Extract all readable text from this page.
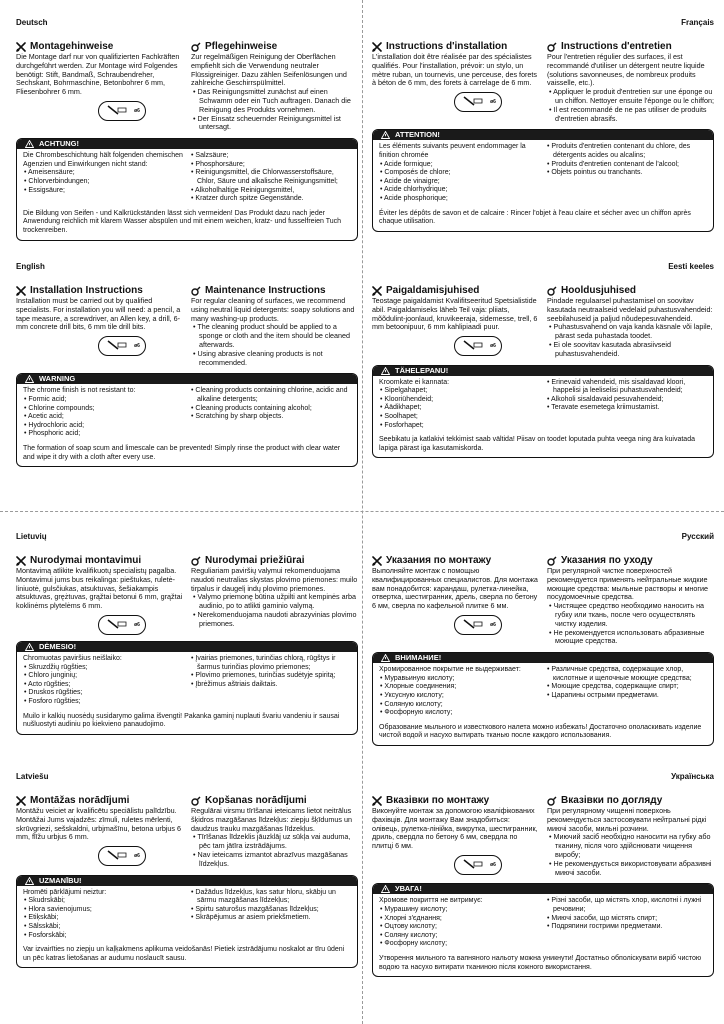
Deutsch
Montagehinweise
Die Montage darf nur von qualifizierten Fachkräften durchgeführt werden. Zur Montage wird Folgendes benötigt: Stift, Bandmaß, Schraubendreher, Sechskant, Bohrmaschine, Betonbohrer 6 mm, Fliesenbohrer 6 mm.
ø6
Pflegehinweise
Zur regelmäßigen Reinigung der Oberflächen empfiehlt sich die Verwendung neutraler Flüssigreiniger. Dazu zählen Seifenlösungen und zahlreiche Geschirrspülmittel.
• Das Reinigungsmittel zunächst auf einen Schwamm oder ein Tuch auftragen. Danach die Reinigung des Produkts vornehmen.
• Der Einsatz scheuernder Reinigungsmittel ist untersagt.
ACHTUNG!
Die Chrombeschichtung hält folgenden chemischen Agenzien und Einwirkungen nicht stand:
• Ameisensäure;
• Chlorverbindungen;
• Essigsäure;
• Salzsäure;
• Phosphorsäure;
• Reinigungsmittel, die Chlorwasserstoffsäure, Chlor, Säure und alkalische Reinigungsmittel;
• Alkoholhaltige Reinigungsmittel,
• Kratzer durch spitze Gegenstände.
Die Bildung von Seifen - und Kalkrückständen lässt sich vermeiden! Das Produkt dazu nach jeder Anwendung reichlich mit klarem Wasser abspülen und mit einem weichen, kratz- und fusselfreien Tuch trockenreiben.
Français
Instructions d'installation
L'installation doit être réalisée par des spécialistes qualifiés. Pour l'installation, prévoir: un stylo, un mètre ruban, un tournevis, une perceuse, des forets à béton de 6 mm, des forets à carrelage de 6 mm.
ø6
Instructions d'entretien
Pour l'entretien régulier des surfaces, il est recommandé d'utiliser un détergent neutre liquide (solutions savonneuses, de nombreux produits vaisselle, etc.).
• Appliquer le produit d'entretien sur une éponge ou un chiffon. Nettoyer ensuite l'éponge ou le chiffon;
• Il est recommandé de ne pas utiliser de produits d'entretien abrasifs.
ATTENTION!
Les éléments suivants peuvent endommager la finition chromée
• Acide formique;
• Composés de chlore;
• Acide de vinaigre;
• Acide chlorhydrique;
• Acide phosphorique;
• Produits d'entretien contenant du chlore, des détergents acides ou alcalins;
• Produits d'entretien contenant de l'alcool;
• Objets pointus ou tranchants.
Éviter les dépôts de savon et de calcaire : Rincer l'objet à l'eau claire et sécher avec un chiffon après chaque utilisation.
English
Installation Instructions
Installation must be carried out by qualified specialists. For installation you will need: a pencil, a tape measure, a screwdriver, an Allen key, a drill, 6-mm concrete drill bits, 6 mm tile drill bits.
ø6
Maintenance Instructions
For regular cleaning of surfaces, we recommend using neutral liquid detergents: soapy solutions and many washing-up products.
• The cleaning product should be applied to a sponge or cloth and the item should be cleaned afterwards.
• Using abrasive cleaning products is not recommended.
WARNING
The chrome finish is not resistant to:
• Formic acid;
• Chlorine compounds;
• Acetic acid;
• Hydrochloric acid;
• Phosphoric acid;
• Cleaning products containing chlorine, acidic and alkaline detergents;
• Cleaning products containing alcohol;
• Scratching by sharp objects.
The formation of soap scum and limescale can be prevented! Simply rinse the product with clear water and wipe it dry with a cloth after every use.
Eesti keeles
Paigaldamisjuhised
Teostage paigaldamist Kvalifitseeritud Spetsialistide abil. Paigaldamiseks läheb Teil vaja: pliiats, mõõdulint-joonlaud, kruvikeeraja, sidemesse, trell, 6 mm betoonipuur, 6 mm kahlipiaadi puur.
ø6
Hooldusjuhised
Pindade regulaarsel puhastamisel on soovitav kasutada neutraalseid vedelaid puhastusvahendeid: seebilahuseid ja paljud nõudepesuvahendeid.
• Puhastusvahend on vaja kanda käsnale või lapile, pärast seda puhastada toodet.
• Ei ole soovitav kasutada abrasiivseid puhastusvahendeid.
TÄHELEPANU!
Kroomkate ei kannata:
• Sipelgahapet;
• Klooriühendeid;
• Äädikhapet;
• Soolhapet;
• Fosforhapet;
• Erinevaid vahendeid, mis sisaldavad kloori, happelisi ja leeliselisi puhastusvahendeid;
• Alkoholi sisaldavaid pesuvahendeid;
• Teravate esemetega kriimustamist.
Seebikatu ja katlakivi tekkimist saab vältida! Piisav on toodet loputada puhta veega ning ära kuivatada lapiga pärast iga kasutamiskorda.
Lietuvių
Nurodymai montavimui
Montavimą atlikite kvalifikuotų specialistų pagalba. Montavimui jums bus reikalinga: pieštukas, ruletė-liniuotė, gulsčiukas, atsuktuvas, šešiakampis atsuktuvas, grężtuvas, grąžtai betonui 6 mm, grąžtai koklinėms plytelėms 6 mm.
ø6
Nurodymai priežiūrai
Reguliariam paviršių valymui rekomenduojama naudoti neutralias skystas plovimo priemones: muilo tirpalus ir daugelį indų plovimo priemones.
• Valymo priemonę būtina užpilti ant kempinės arba audinio, po to atlikti gaminio valymą.
• Nerekomenduojama naudoti abrazyvinias plovimo priemones.
DĖMESIO!
Chromuotas paviršius neišlaiko:
• Skruzdžių rūgšties;
• Chloro junginių;
• Acto rūgšties;
• Druskos rūgšties;
• Fosforo rūgšties;
• Įvairias priemones, turinčias chlorą, rūgštys ir šarmus turinčias plovimo priemones;
• Plovimo priemones, turinčias sudėtyje spiritą;
• Įbrėžimus aštriais daiktais.
Muilo ir kalkių nuosėdų susidarymo galima išvengti! Pakanka gaminį nuplauti švariu vandeniu ir sausai nušluostyti audiniu po kiekvieno panaudojimo.
Русский
Указания по монтажу
Выполняйте монтаж с помощью квалифицированных специалистов. Для монтажа вам понадобится: карандаш, рулетка-линейка, отвертка, шестигранник, дрель, сверла по бетону 6 мм, сверла по кафельной плитке 6 мм.
ø6
Указания по уходу
При регулярной чистке поверхностей рекомендуется применять нейтральные жидкие моющие средства: мыльные растворы и многие посудомоечные средства.
• Чистящее средство необходимо наносить на губку или ткань, после чего осуществлять чистку изделия.
• Не рекомендуется использовать абразивные моющие средства.
ВНИМАНИЕ!
Хромированное покрытие не выдерживает:
• Муравьиную кислоту;
• Хлорные соединения;
• Уксусную кислоту;
• Соляную кислоту;
• Фосфорную кислоту;
• Различные средства, содержащие хлор, кислотные и щелочные моющие средства;
• Моющие средства, содержащие спирт;
• Царапины острыми предметами.
Образование мыльного и известкового налета можно избежать! Достаточно ополаскивать изделие чистой водой и насухо вытирать тканью после каждого использования.
Latviešu
Montāžas norādījumi
Montāžu veiciet ar kvalificētu speciālistu palīdzību. Montāžai Jums vajadzēs: zīmuli, ruletes mērlenti, skrūvgriezi, sešskaldni, urbjmašīnu, betona urbjus 6 mm, flīžu urbjus 6 mm.
ø6
Kopšanas norādījumi
Regulārai virsmu tīrīšanai ieteicams lietot neitrālus šķidros mazgāšanas līdzekļus: ziepju šķīdumus un daudzus trauku mazgāšanas līdzekļus.
• Tīrīšanas līdzeklis jāuzklāj uz sūkļa vai auduma, pēc tam jātīra izstrādājums.
• Nav ieteicams izmantot abrazīvus mazgāšanas līdzekļus.
UZMANĪBU!
Hromēti pārklājumi neiztur:
• Skudrskābi;
• Hlora savienojumus;
• Etiķskābi;
• Sālsskābi;
• Fosforskābi;
• Dažādus līdzekļus, kas satur hloru, skābju un sārmu mazgāšanas līdzekļus;
• Spirtu saturošus mazgāšanas līdzekļus;
• Skrāpējumus ar asiem priekšmetiem.
Var izvairīties no ziepju un kaļķakmens aplikuma veidošanās! Pietiek izstrādājumu noskalot ar tīru ūdeni un pēc katras lietošanas ar audumu noslaucīt sausu.
Українська
Вказівки по монтажу
Виконуйте монтаж за допомогою кваліфікованих фахівців. Для монтажу Вам знадобиться: олівець, рулетка-лінійка, викрутка, шестигранник, дриль, свердла по бетону 6 мм, свердла по плитці 6 мм.
ø6
Вказівки по догляду
При регулярному чищенні поверхонь рекомендується застосовувати нейтральні рідкі миючі засоби, мильні розчини.
• Миючий засіб необхідно наносити на губку або тканину, після чого здійснювати чищення виробу;
• Не рекомендується використовувати абразивні миючі засоби.
УВАГА!
Хромове покриття не витримує:
• Мурашину кислоту;
• Хлорні з'єднання;
• Оцтову кислоту;
• Соляну кислоту;
• Фосфорну кислоту;
• Різні засоби, що містять хлор, кислотні і лужні речовини;
• Миючі засоби, що містять спирт;
• Подряпини гострими предметами.
Утворення мильного та вапняного нальоту можна уникнути! Достатньо обполіскувати виріб чистою водою та насухо витирати тканиною після кожного використання.
